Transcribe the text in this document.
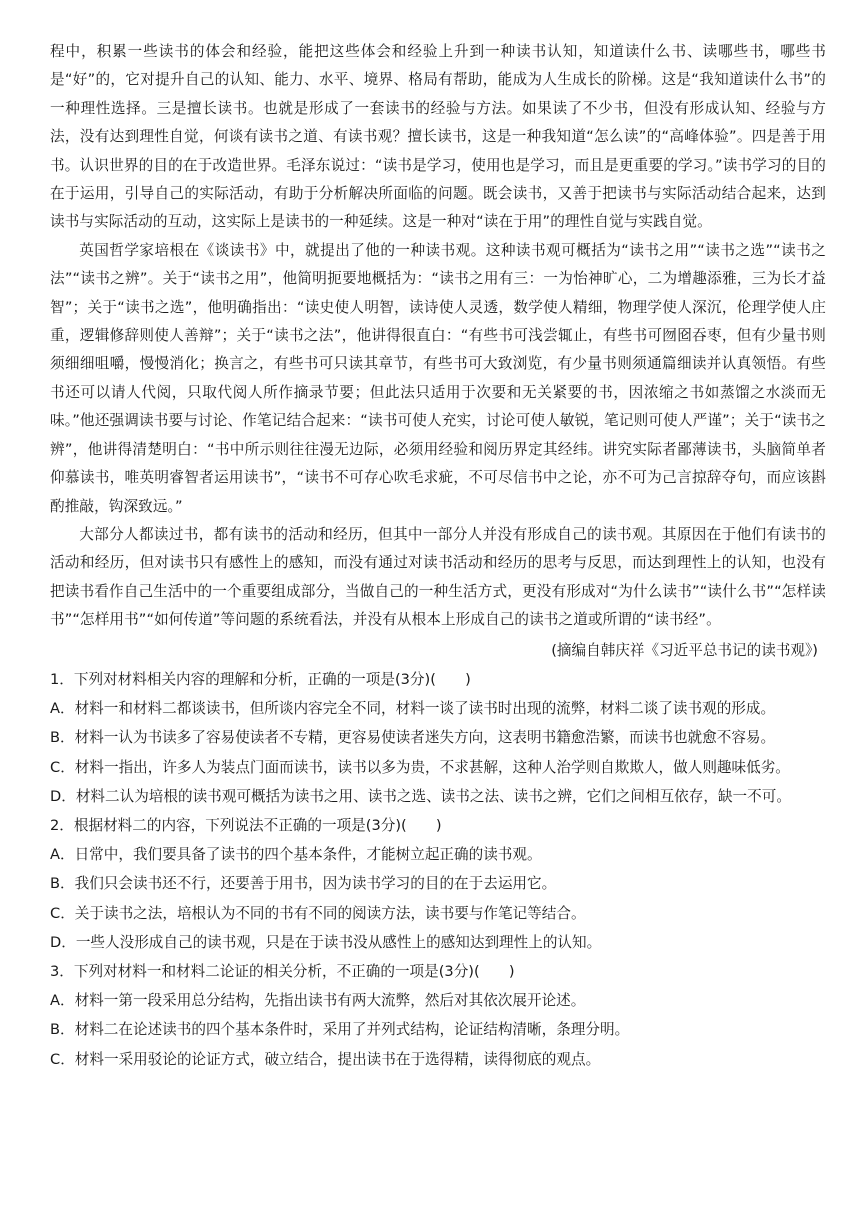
程中，积累一些读书的体会和经验，能把这些体会和经验上升到一种读书认知，知道读什么书、读哪些书，哪些书是“好”的，它对提升自己的认知、能力、水平、境界、格局有帮助，能成为人生成长的阶梯。这是“我知道读什么书”的一种理性选择。三是擅长读书。也就是形成了一套读书的经验与方法。如果读了不少书，但没有形成认知、经验与方法，没有达到理性自觉，何谈有读书之道、有读书观？擅长读书，这是一种我知道“怎么读”的“高峰体验”。四是善于用书。认识世界的目的在于改造世界。毛泽东说过：“读书是学习，使用也是学习，而且是更重要的学习。”读书学习的目的在于运用，引导自己的实际活动，有助于分析解决所面临的问题。既会读书，又善于把读书与实际活动结合起来，达到读书与实际活动的互动，这实际上是读书的一种延续。这是一种对“读在于用”的理性自觉与实践自觉。

英国哲学家培根在《谈读书》中，就提出了他的一种读书观。这种读书观可概括为“读书之用”“读书之选”“读书之法”“读书之辨”。关于“读书之用”，他简明扼要地概括为：“读书之用有三：一为怡神旷心，二为增趣添雅，三为长才益智”；关于“读书之选”，他明确指出：“读史使人明智，读诗使人灵透，数学使人精细，物理学使人深沉，伦理学使人庄重，逻辑修辞则使人善辩”；关于“读书之法”，他讲得很直白：“有些书可浅尝辄止，有些书可囫囵吞枣，但有少量书则须细细咀嚼，慢慢消化；换言之，有些书可只读其章节，有些书可大致浏览，有少量书则须通篇细读并认真领悟。有些书还可以请人代阅，只取代阅人所作摘录节要；但此法只适用于次要和无关紧要的书，因浓缩之书如蒸馏之水淡而无味。”他还强调读书要与讨论、作笔记结合起来：“读书可使人充实，讨论可使人敏锐，笔记则可使人严谨”；关于“读书之辨”，他讲得清楚明白：“书中所示则往往漫无边际，必须用经验和阅历界定其经纬。讲究实际者鄙薄读书，头脑简单者仰慕读书，唯英明睿智者运用读书”，“读书不可存心吹毛求疵，不可尽信书中之论，亦不可为己言掠辞夺句，而应该斟酌推敲，钩深致远。”

大部分人都读过书，都有读书的活动和经历，但其中一部分人并没有形成自己的读书观。其原因在于他们有读书的活动和经历，但对读书只有感性上的感知，而没有通过对读书活动和经历的思考与反思，而达到理性上的认知，也没有把读书看作自己生活中的一个重要组成部分，当做自己的一种生活方式，更没有形成对“为什么读书”“读什么书”“怎样读书”“怎样用书”“如何传道”等问题的系统看法，并没有从根本上形成自己的读书之道或所谓的“读书经”。

(摘编自韩庆祥《习近平总书记的读书观》)

1．下列对材料相关内容的理解和分析，正确的一项是(3分)(　　)

A．材料一和材料二都谈读书，但所谈内容完全不同，材料一谈了读书时出现的流弊，材料二谈了读书观的形成。

B．材料一认为书读多了容易使读者不专精，更容易使读者迷失方向，这表明书籍愈浩繁，而读书也就愈不容易。

C．材料一指出，许多人为装点门面而读书，读书以多为贵，不求甚解，这种人治学则自欺欺人，做人则趣味低劣。

D．材料二认为培根的读书观可概括为读书之用、读书之选、读书之法、读书之辨，它们之间相互依存，缺一不可。

2．根据材料二的内容，下列说法不正确的一项是(3分)(　　)

A．日常中，我们要具备了读书的四个基本条件，才能树立起正确的读书观。

B．我们只会读书还不行，还要善于用书，因为读书学习的目的在于去运用它。

C．关于读书之法，培根认为不同的书有不同的阅读方法，读书要与作笔记等结合。

D．一些人没形成自己的读书观，只是在于读书没从感性上的感知达到理性上的认知。

3．下列对材料一和材料二论证的相关分析，不正确的一项是(3分)(　　)

A．材料一第一段采用总分结构，先指出读书有两大流弊，然后对其依次展开论述。

B．材料二在论述读书的四个基本条件时，采用了并列式结构，论证结构清晰，条理分明。

C．材料一采用驳论的论证方式，破立结合，提出读书在于选得精，读得彻底的观点。
